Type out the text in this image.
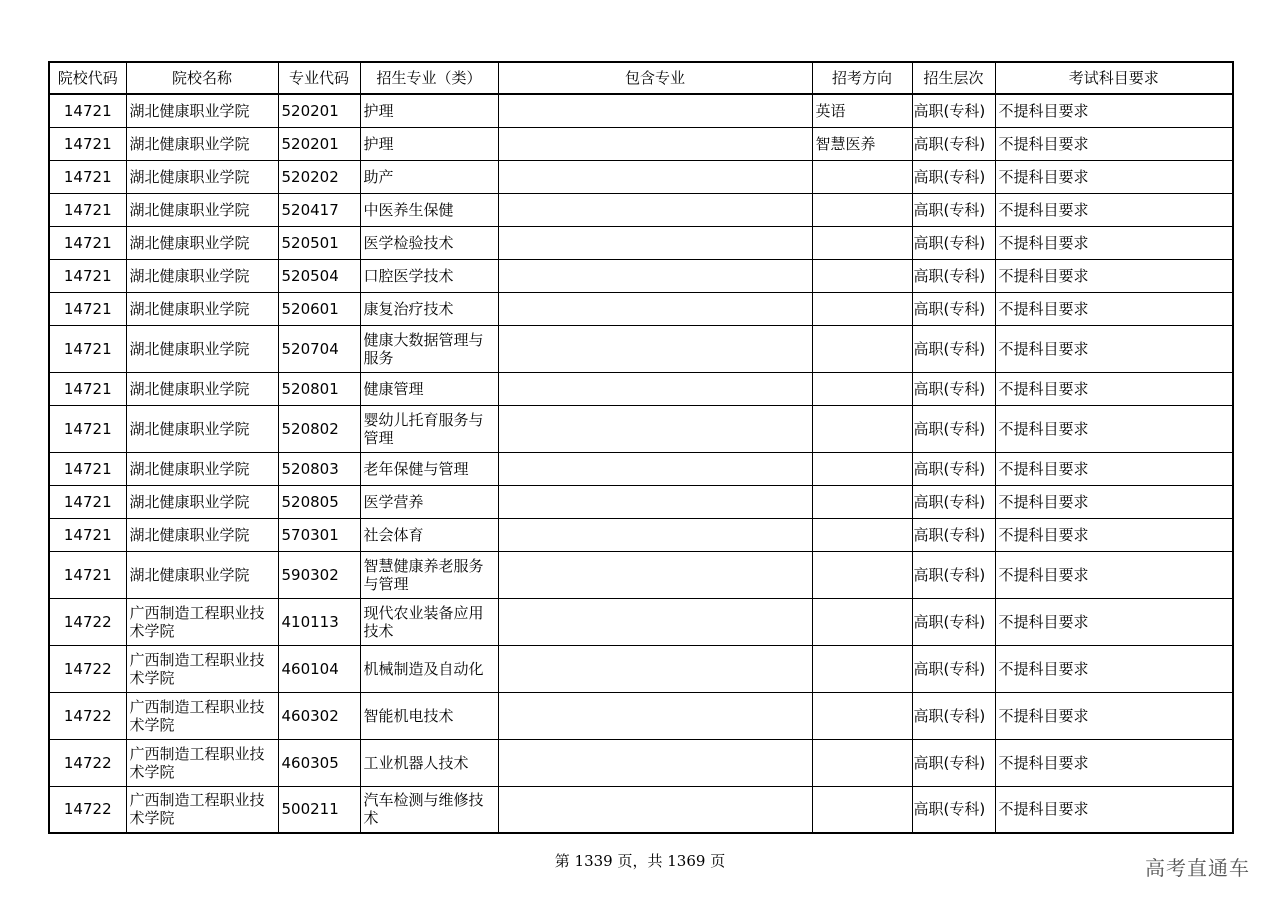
院校代码	院校名称	专业代码	招生专业（类）	包含专业	招考方向	招生层次	考试科目要求
14721	湖北健康职业学院	520201	护理		英语	高职(专科)	不提科目要求
14721	湖北健康职业学院	520201	护理		智慧医养	高职(专科)	不提科目要求
14721	湖北健康职业学院	520202	助产			高职(专科)	不提科目要求
14721	湖北健康职业学院	520417	中医养生保健			高职(专科)	不提科目要求
14721	湖北健康职业学院	520501	医学检验技术			高职(专科)	不提科目要求
14721	湖北健康职业学院	520504	口腔医学技术			高职(专科)	不提科目要求
14721	湖北健康职业学院	520601	康复治疗技术			高职(专科)	不提科目要求
14721	湖北健康职业学院	520704	健康大数据管理与服务			高职(专科)	不提科目要求
14721	湖北健康职业学院	520801	健康管理			高职(专科)	不提科目要求
14721	湖北健康职业学院	520802	婴幼儿托育服务与管理			高职(专科)	不提科目要求
14721	湖北健康职业学院	520803	老年保健与管理			高职(专科)	不提科目要求
14721	湖北健康职业学院	520805	医学营养			高职(专科)	不提科目要求
14721	湖北健康职业学院	570301	社会体育			高职(专科)	不提科目要求
14721	湖北健康职业学院	590302	智慧健康养老服务与管理			高职(专科)	不提科目要求
14722	广西制造工程职业技术学院	410113	现代农业装备应用技术			高职(专科)	不提科目要求
14722	广西制造工程职业技术学院	460104	机械制造及自动化			高职(专科)	不提科目要求
14722	广西制造工程职业技术学院	460302	智能机电技术			高职(专科)	不提科目要求
14722	广西制造工程职业技术学院	460305	工业机器人技术			高职(专科)	不提科目要求
14722	广西制造工程职业技术学院	500211	汽车检测与维修技术			高职(专科)	不提科目要求
第 1339 页，共 1369 页	高考直通车
